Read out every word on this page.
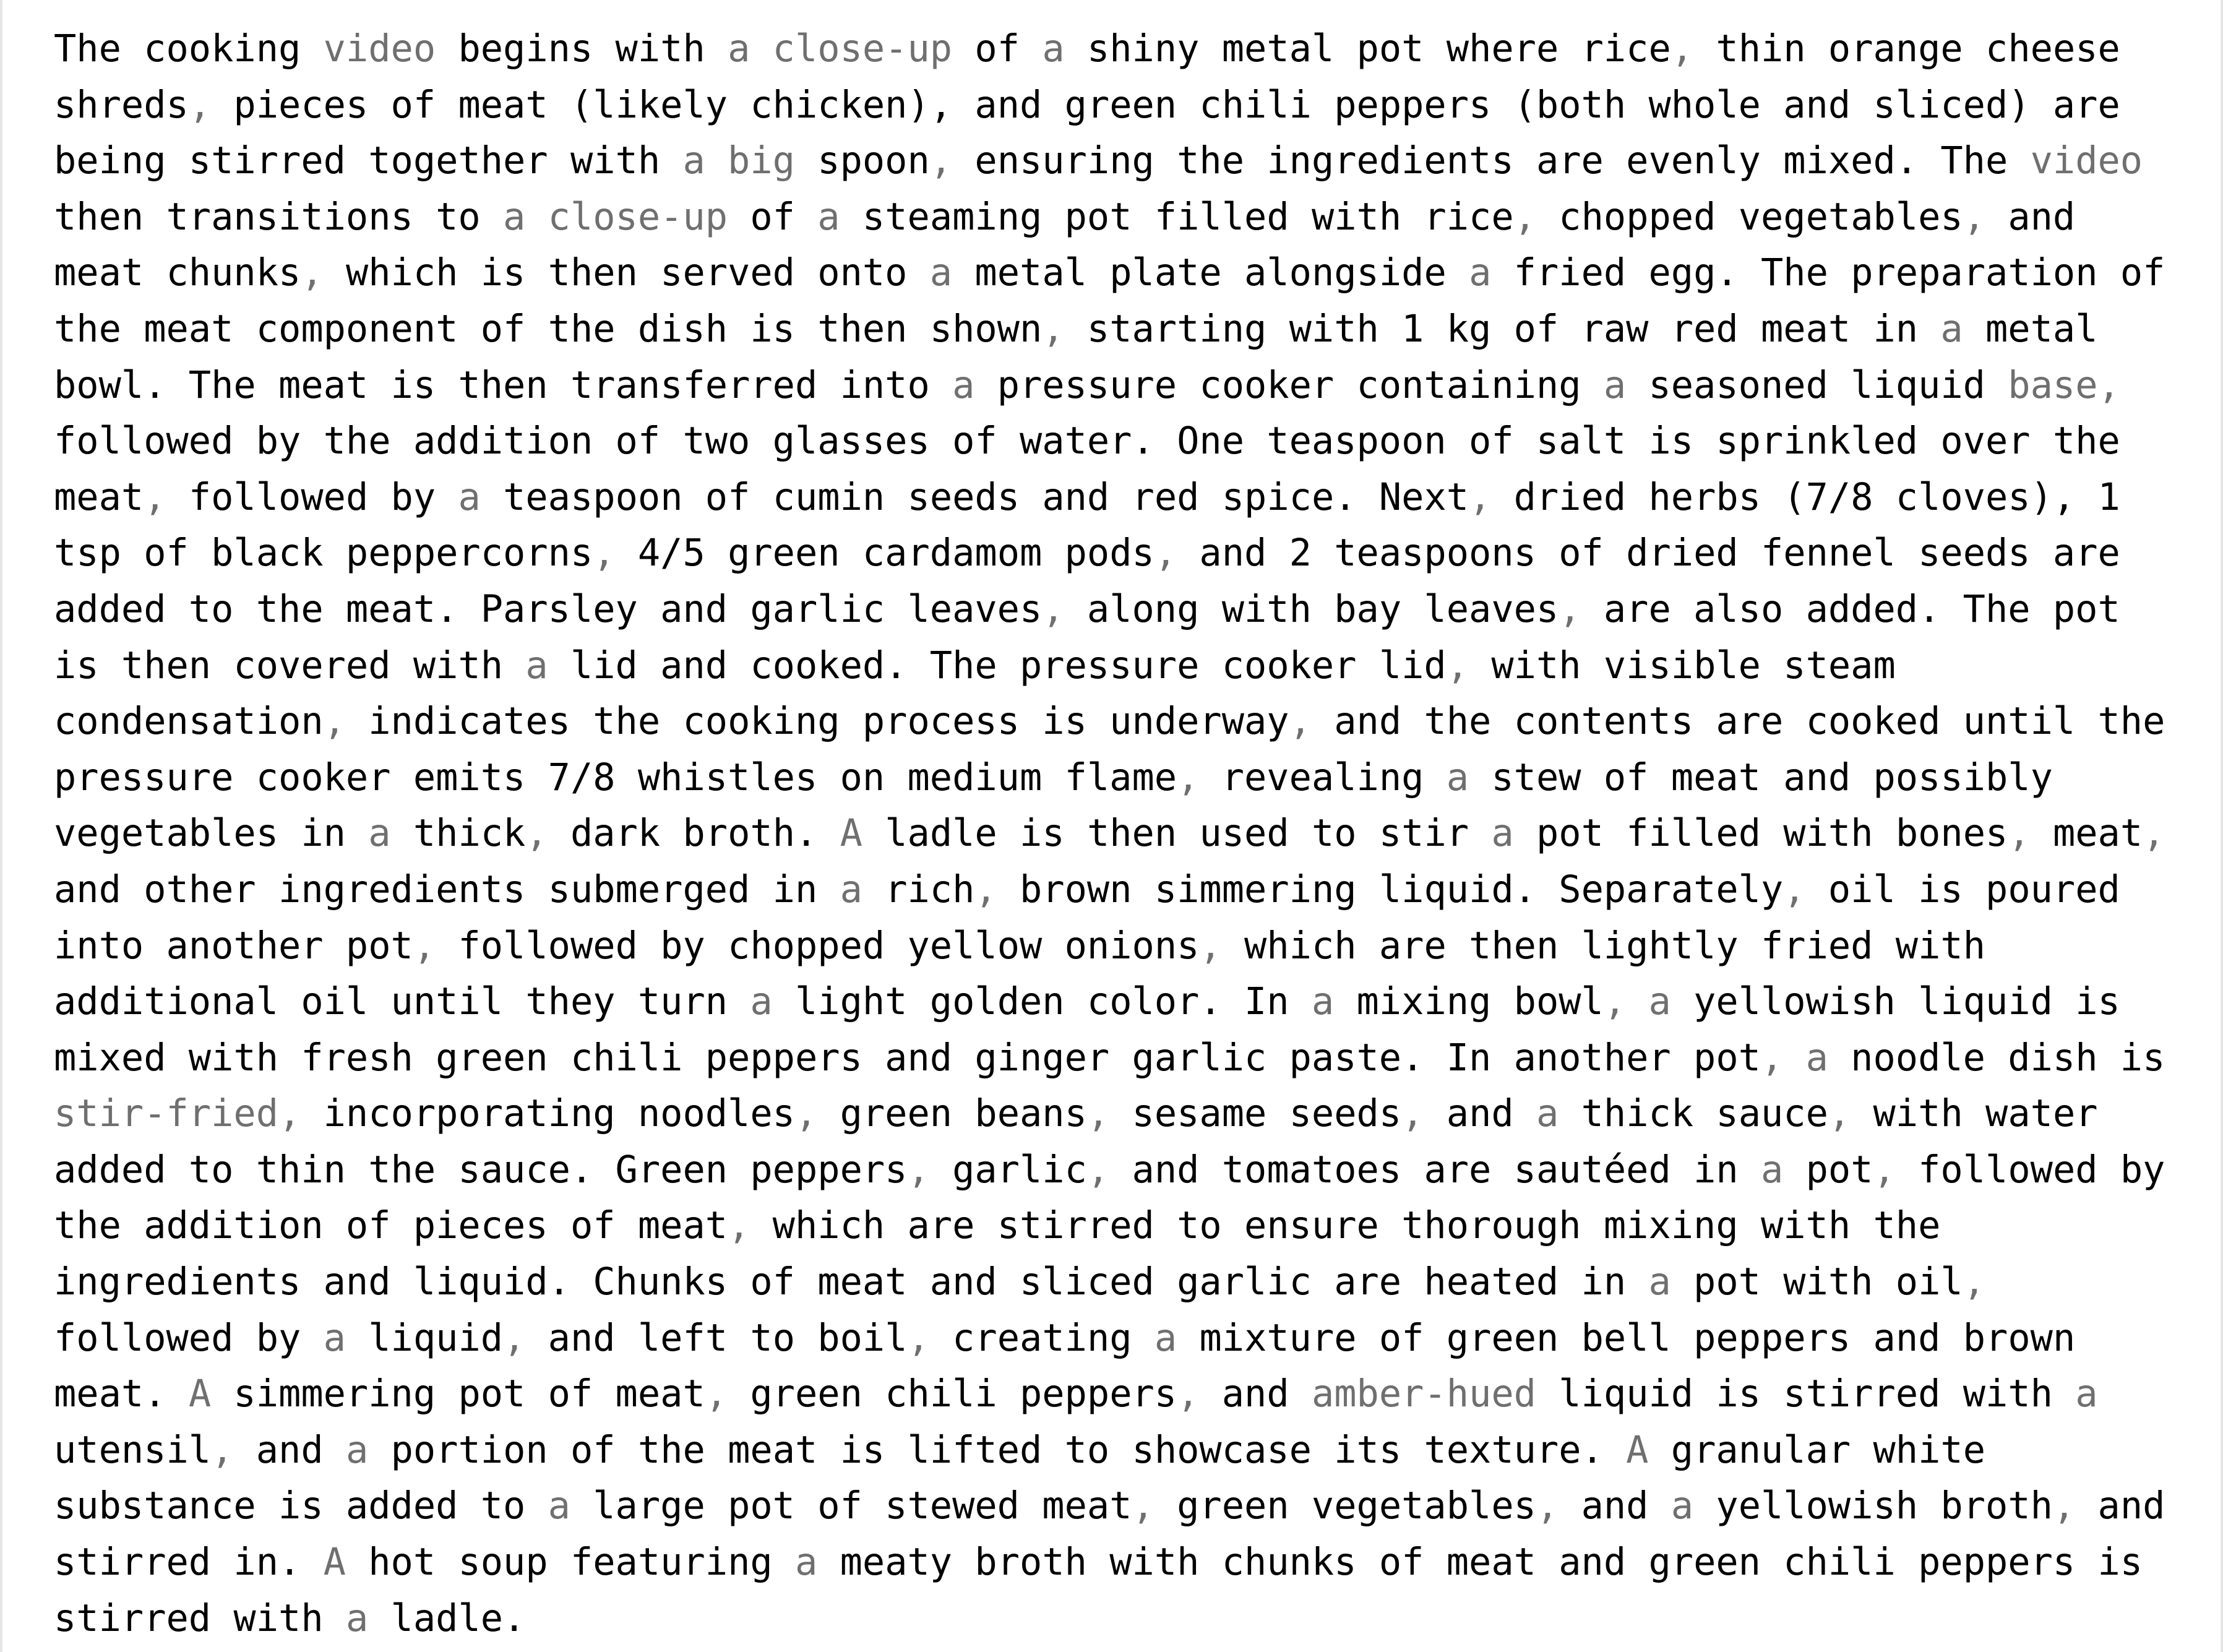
The cooking video begins with a close-up of a shiny metal pot where rice, thin orange cheese
shreds, pieces of meat (likely chicken), and green chili peppers (both whole and sliced) are
being stirred together with a big spoon, ensuring the ingredients are evenly mixed. The video
then transitions to a close-up of a steaming pot filled with rice, chopped vegetables, and
meat chunks, which is then served onto a metal plate alongside a fried egg. The preparation of
the meat component of the dish is then shown, starting with 1 kg of raw red meat in a metal
bowl. The meat is then transferred into a pressure cooker containing a seasoned liquid base,
followed by the addition of two glasses of water. One teaspoon of salt is sprinkled over the
meat, followed by a teaspoon of cumin seeds and red spice. Next, dried herbs (7/8 cloves), 1
tsp of black peppercorns, 4/5 green cardamom pods, and 2 teaspoons of dried fennel seeds are
added to the meat. Parsley and garlic leaves, along with bay leaves, are also added. The pot
is then covered with a lid and cooked. The pressure cooker lid, with visible steam
condensation, indicates the cooking process is underway, and the contents are cooked until the
pressure cooker emits 7/8 whistles on medium flame, revealing a stew of meat and possibly
vegetables in a thick, dark broth. A ladle is then used to stir a pot filled with bones, meat,
and other ingredients submerged in a rich, brown simmering liquid. Separately, oil is poured
into another pot, followed by chopped yellow onions, which are then lightly fried with
additional oil until they turn a light golden color. In a mixing bowl, a yellowish liquid is
mixed with fresh green chili peppers and ginger garlic paste. In another pot, a noodle dish is
stir-fried, incorporating noodles, green beans, sesame seeds, and a thick sauce, with water
added to thin the sauce. Green peppers, garlic, and tomatoes are sautéed in a pot, followed by
the addition of pieces of meat, which are stirred to ensure thorough mixing with the
ingredients and liquid. Chunks of meat and sliced garlic are heated in a pot with oil,
followed by a liquid, and left to boil, creating a mixture of green bell peppers and brown
meat. A simmering pot of meat, green chili peppers, and amber-hued liquid is stirred with a
utensil, and a portion of the meat is lifted to showcase its texture. A granular white
substance is added to a large pot of stewed meat, green vegetables, and a yellowish broth, and
stirred in. A hot soup featuring a meaty broth with chunks of meat and green chili peppers is
stirred with a ladle.
